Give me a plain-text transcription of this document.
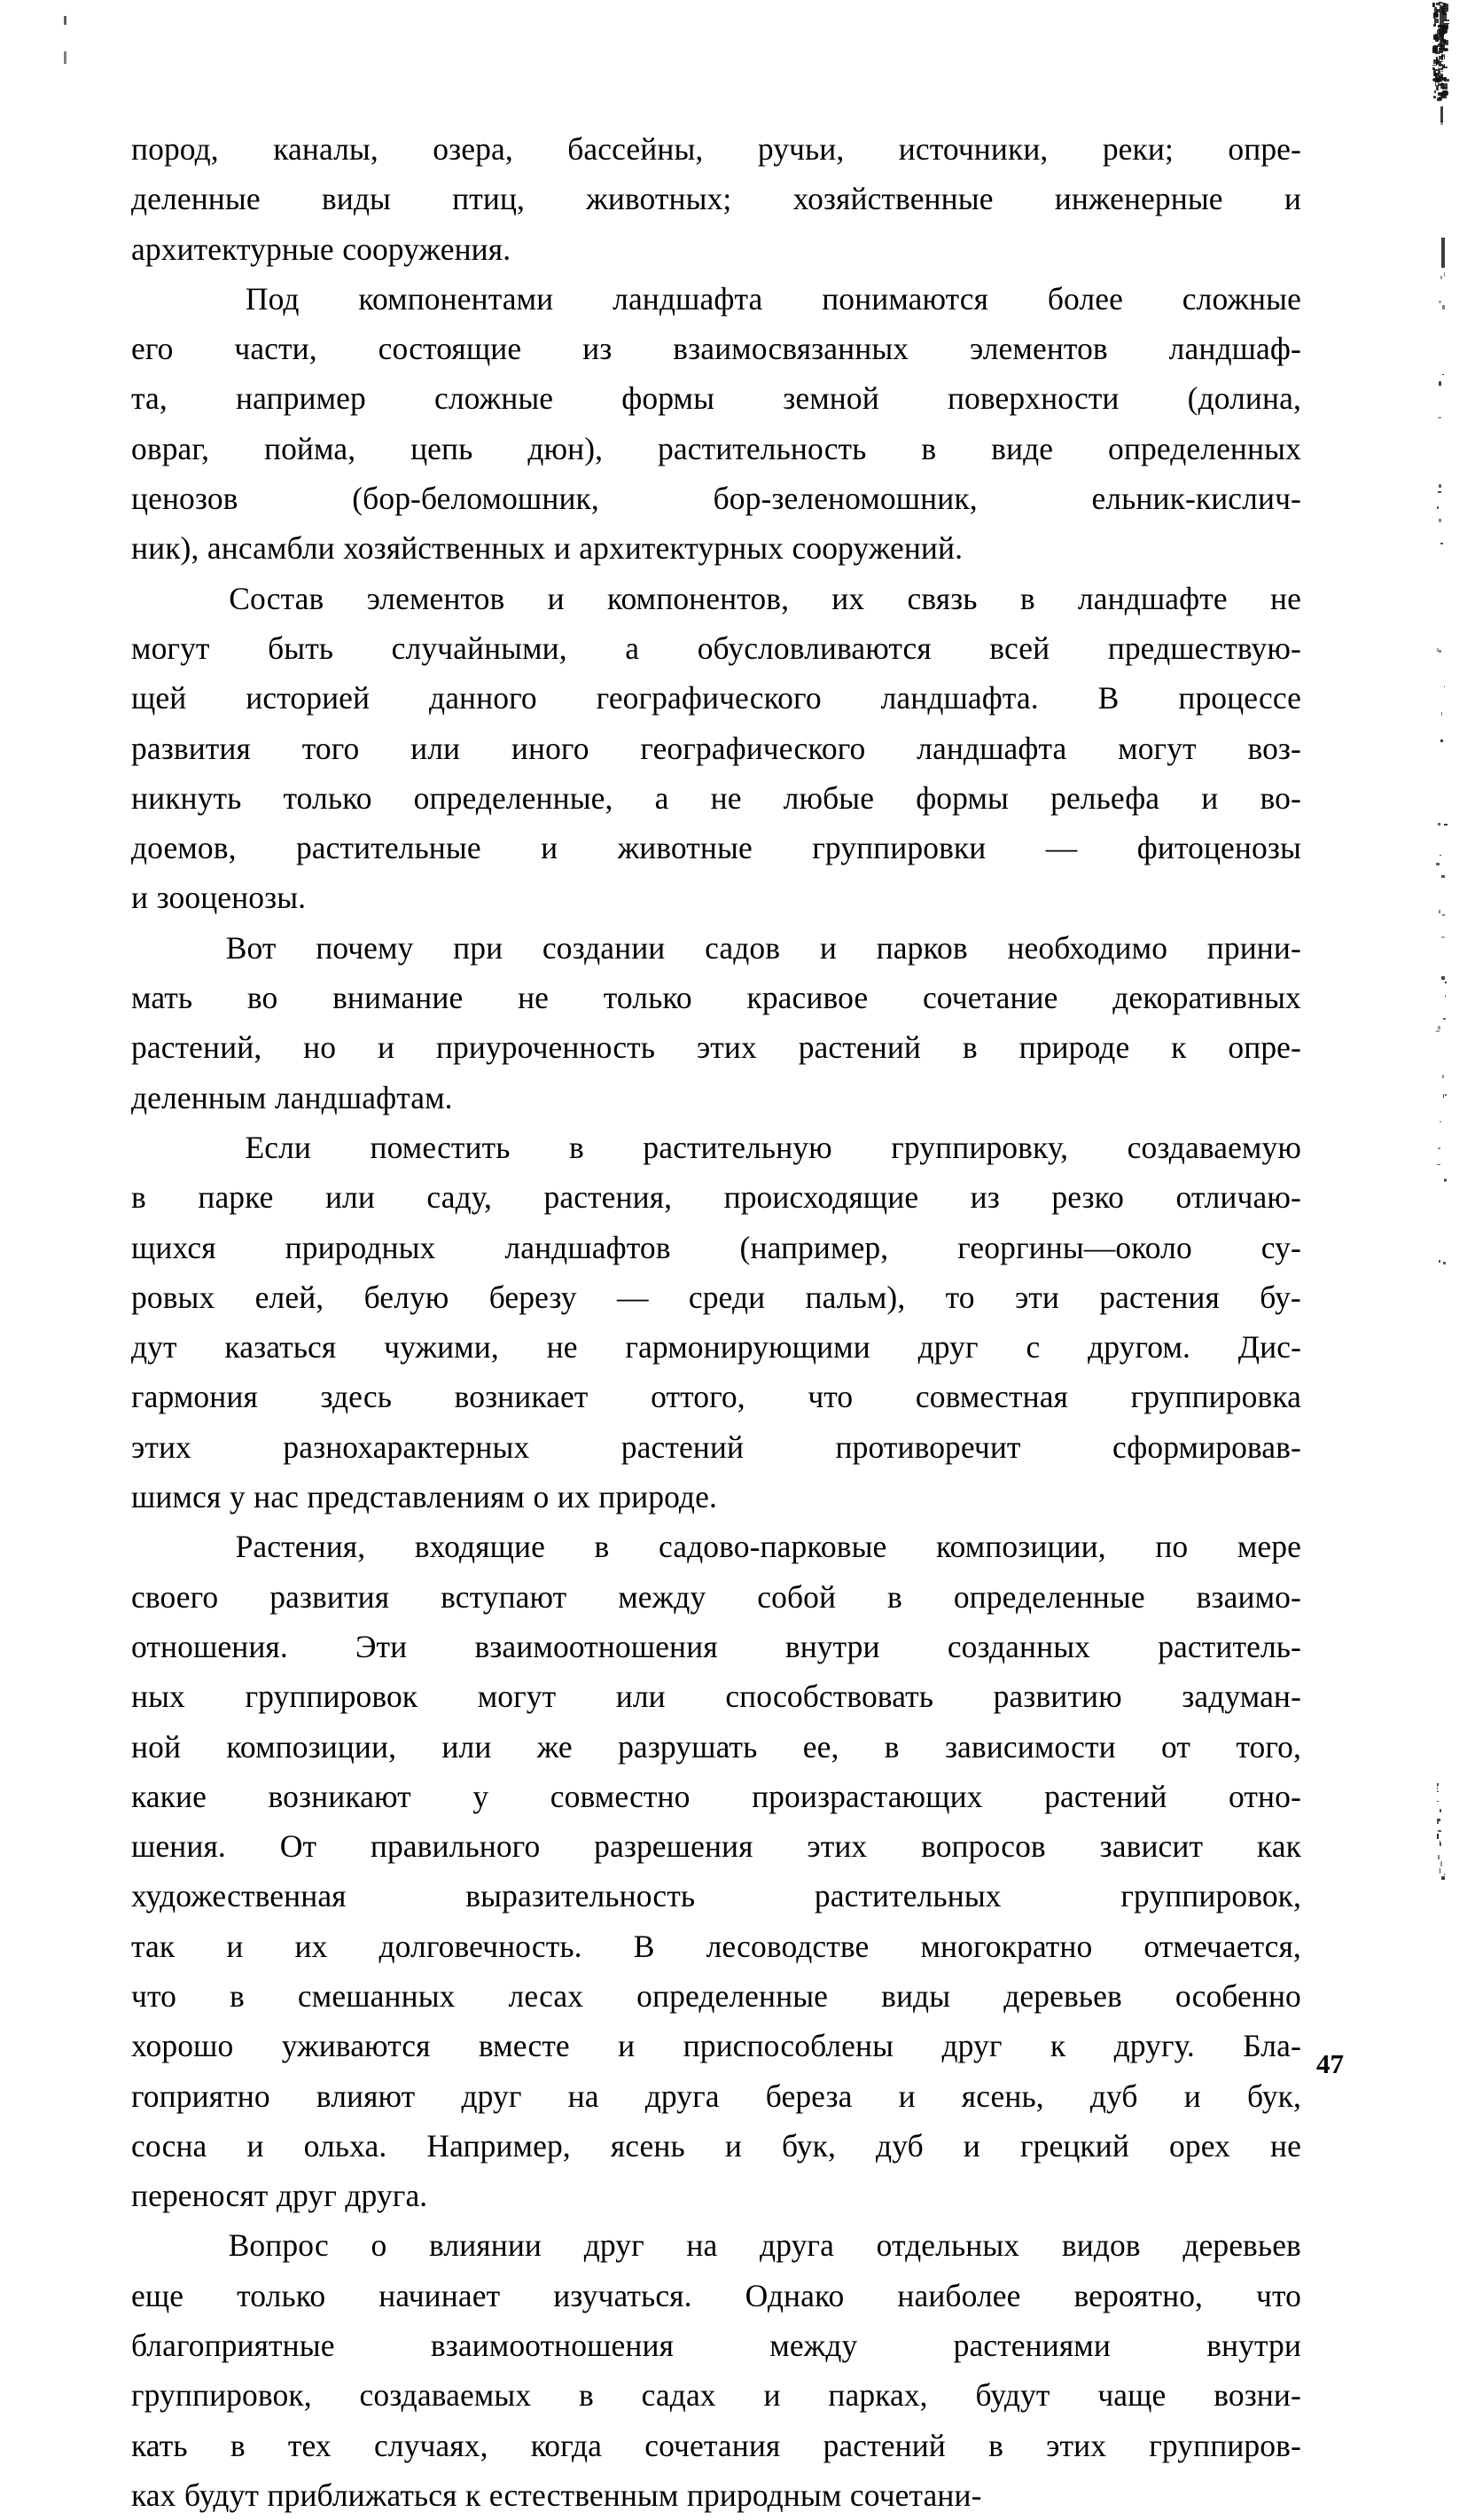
пород, каналы, озера, бассейны, ручьи, источники, реки; опре-
деленные виды птиц, животных; хозяйственные инженерные и
архитектурные сооружения.

Под компонентами ландшафта понимаются более сложные
его части, состоящие из взаимосвязанных элементов ландшаф-
та, например сложные формы земной поверхности (долина,
овраг, пойма, цепь дюн), растительность в виде определенных
ценозов	(бор-беломошник,	бор-зеленомошник,	ельник-кислич-
ник), ансамбли хозяйственных и архитектурных сооружений.

Состав элементов и компонентов, их связь в ландшафте не
могут быть случайными, а обусловливаются всей предшествую-
щей историей данного географического ландшафта. В процессе
развития того или иного географического ландшафта могут воз-
никнуть только определенные, а не любые формы рельефа и во-
доемов, растительные и животные группировки — фитоценозы
и зооценозы.

Вот почему при создании садов и парков необходимо прини-
мать во внимание не только красивое сочетание декоративных
растений, но и приуроченность этих растений в природе к опре-
деленным ландшафтам.

Если поместить в растительную группировку, создаваемую
в парке или саду, растения, происходящие из резко отличаю-
щихся природных ландшафтов (например, георгины—около су-
ровых елей, белую березу — среди пальм), то эти растения бу-
дут казаться чужими, не гармонирующими друг с другом. Дис-
гармония здесь возникает оттого, что совместная группировка
этих	разнохарактерных	растений	противоречит	сформировав-
шимся у нас представлениям о их природе.

Растения, входящие в садово-парковые композиции, по мере
своего развития вступают между собой в определенные взаимо-
отношения. Эти взаимоотношения внутри созданных раститель-
ных группировок могут или способствовать развитию задуман-
ной композиции, или же разрушать ее, в зависимости от того,
какие возникают у совместно произрастающих растений отно-
шения. От правильного разрешения этих вопросов зависит как
художественная	выразительность	растительных	группировок,
так и их долговечность. В лесоводстве многократно отмечается,
что в смешанных лесах определенные виды деревьев особенно
хорошо уживаются вместе и приспособлены друг к другу. Бла-
гоприятно влияют друг на друга береза и ясень, дуб и бук,
сосна и ольха. Например, ясень и бук, дуб и грецкий орех не
переносят друг друга.

Вопрос о влиянии друг на друга отдельных видов деревьев
еще только начинает изучаться. Однако наиболее вероятно, что
благоприятные	взаимоотношения	между	растениями	внутри
группировок, создаваемых в садах и парках, будут чаще возни-
кать в тех случаях, когда сочетания растений в этих группиров-
ках будут приближаться к естественным природным сочетани-

47
